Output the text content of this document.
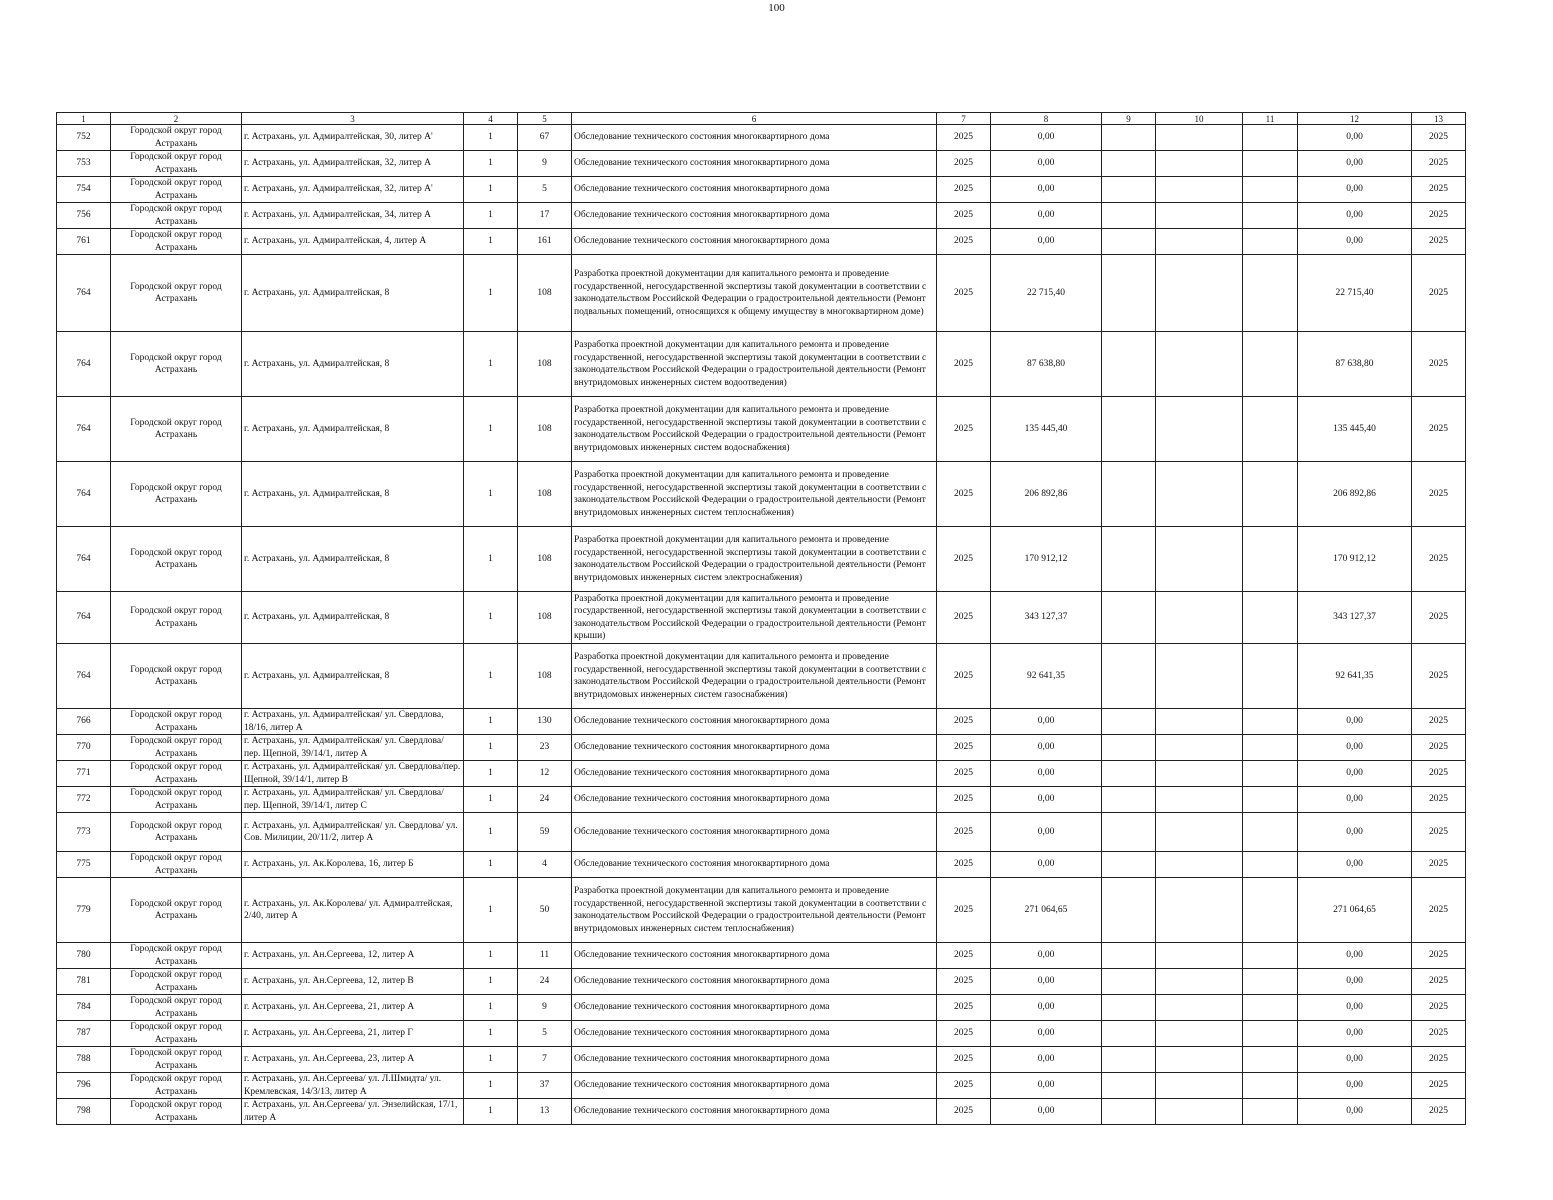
100
1	2	3	4	5	6	7	8	9	10	11	12	13
752	Городской округ город Астрахань	г. Астрахань, ул. Адмиралтейская, 30, литер А'	1	67	Обследование технического состояния многоквартирного дома	2025	0,00				0,00	2025
753	Городской округ город Астрахань	г. Астрахань, ул. Адмиралтейская, 32, литер А	1	9	Обследование технического состояния многоквартирного дома	2025	0,00				0,00	2025
754	Городской округ город Астрахань	г. Астрахань, ул. Адмиралтейская, 32, литер А'	1	5	Обследование технического состояния многоквартирного дома	2025	0,00				0,00	2025
756	Городской округ город Астрахань	г. Астрахань, ул. Адмиралтейская, 34, литер А	1	17	Обследование технического состояния многоквартирного дома	2025	0,00				0,00	2025
761	Городской округ город Астрахань	г. Астрахань, ул. Адмиралтейская, 4, литер А	1	161	Обследование технического состояния многоквартирного дома	2025	0,00				0,00	2025
764	Городской округ город Астрахань	г. Астрахань, ул. Адмиралтейская, 8	1	108	Разработка проектной документации для капитального ремонта и проведение государственной, негосударственной экспертизы такой документации в соответствии с законодательством Российской Федерации о градостроительной деятельности (Ремонт подвальных помещений, относящихся к общему имуществу в многоквартирном доме)	2025	22 715,40				22 715,40	2025
764	Городской округ город Астрахань	г. Астрахань, ул. Адмиралтейская, 8	1	108	Разработка проектной документации для капитального ремонта и проведение государственной, негосударственной экспертизы такой документации в соответствии с законодательством Российской Федерации о градостроительной деятельности (Ремонт внутридомовых инженерных систем водоотведения)	2025	87 638,80				87 638,80	2025
764	Городской округ город Астрахань	г. Астрахань, ул. Адмиралтейская, 8	1	108	Разработка проектной документации для капитального ремонта и проведение государственной, негосударственной экспертизы такой документации в соответствии с законодательством Российской Федерации о градостроительной деятельности (Ремонт внутридомовых инженерных систем водоснабжения)	2025	135 445,40				135 445,40	2025
764	Городской округ город Астрахань	г. Астрахань, ул. Адмиралтейская, 8	1	108	Разработка проектной документации для капитального ремонта и проведение государственной, негосударственной экспертизы такой документации в соответствии с законодательством Российской Федерации о градостроительной деятельности (Ремонт внутридомовых инженерных систем теплоснабжения)	2025	206 892,86				206 892,86	2025
764	Городской округ город Астрахань	г. Астрахань, ул. Адмиралтейская, 8	1	108	Разработка проектной документации для капитального ремонта и проведение государственной, негосударственной экспертизы такой документации в соответствии с законодательством Российской Федерации о градостроительной деятельности (Ремонт внутридомовых инженерных систем электроснабжения)	2025	170 912,12				170 912,12	2025
764	Городской округ город Астрахань	г. Астрахань, ул. Адмиралтейская, 8	1	108	Разработка проектной документации для капитального ремонта и проведение государственной, негосударственной экспертизы такой документации в соответствии с законодательством Российской Федерации о градостроительной деятельности (Ремонт крыши)	2025	343 127,37				343 127,37	2025
764	Городской округ город Астрахань	г. Астрахань, ул. Адмиралтейская, 8	1	108	Разработка проектной документации для капитального ремонта и проведение государственной, негосударственной экспертизы такой документации в соответствии с законодательством Российской Федерации о градостроительной деятельности (Ремонт внутридомовых инженерных систем газоснабжения)	2025	92 641,35				92 641,35	2025
766	Городской округ город Астрахань	г. Астрахань, ул. Адмиралтейская/ ул. Свердлова, 18/16, литер А	1	130	Обследование технического состояния многоквартирного дома	2025	0,00				0,00	2025
770	Городской округ город Астрахань	г. Астрахань, ул. Адмиралтейская/ ул. Свердлова/ пер. Щепной, 39/14/1, литер А	1	23	Обследование технического состояния многоквартирного дома	2025	0,00				0,00	2025
771	Городской округ город Астрахань	г. Астрахань, ул. Адмиралтейская/ ул. Свердлова/пер. Щепной, 39/14/1, литер В	1	12	Обследование технического состояния многоквартирного дома	2025	0,00				0,00	2025
772	Городской округ город Астрахань	г. Астрахань, ул. Адмиралтейская/ ул. Свердлова/ пер. Щепной, 39/14/1, литер С	1	24	Обследование технического состояния многоквартирного дома	2025	0,00				0,00	2025
773	Городской округ город Астрахань	г. Астрахань, ул. Адмиралтейская/ ул. Свердлова/ ул. Сов. Милиции, 20/11/2, литер А	1	59	Обследование технического состояния многоквартирного дома	2025	0,00				0,00	2025
775	Городской округ город Астрахань	г. Астрахань, ул. Ак.Королева, 16, литер Б	1	4	Обследование технического состояния многоквартирного дома	2025	0,00				0,00	2025
779	Городской округ город Астрахань	г. Астрахань, ул. Ак.Королева/ ул. Адмиралтейская, 2/40, литер А	1	50	Разработка проектной документации для капитального ремонта и проведение государственной, негосударственной экспертизы такой документации в соответствии с законодательством Российской Федерации о градостроительной деятельности (Ремонт внутридомовых инженерных систем теплоснабжения)	2025	271 064,65				271 064,65	2025
780	Городской округ город Астрахань	г. Астрахань, ул. Ан.Сергеева, 12, литер А	1	11	Обследование технического состояния многоквартирного дома	2025	0,00				0,00	2025
781	Городской округ город Астрахань	г. Астрахань, ул. Ан.Сергеева, 12, литер В	1	24	Обследование технического состояния многоквартирного дома	2025	0,00				0,00	2025
784	Городской округ город Астрахань	г. Астрахань, ул. Ан.Сергеева, 21, литер А	1	9	Обследование технического состояния многоквартирного дома	2025	0,00				0,00	2025
787	Городской округ город Астрахань	г. Астрахань, ул. Ан.Сергеева, 21, литер Г	1	5	Обследование технического состояния многоквартирного дома	2025	0,00				0,00	2025
788	Городской округ город Астрахань	г. Астрахань, ул. Ан.Сергеева, 23, литер А	1	7	Обследование технического состояния многоквартирного дома	2025	0,00				0,00	2025
796	Городской округ город Астрахань	г. Астрахань, ул. Ан.Сергеева/ ул. Л.Шмидта/ ул. Кремлевская, 14/3/13, литер А	1	37	Обследование технического состояния многоквартирного дома	2025	0,00				0,00	2025
798	Городской округ город Астрахань	г. Астрахань, ул. Ан.Сергеева/ ул. Энзелийская, 17/1, литер А	1	13	Обследование технического состояния многоквартирного дома	2025	0,00				0,00	2025
